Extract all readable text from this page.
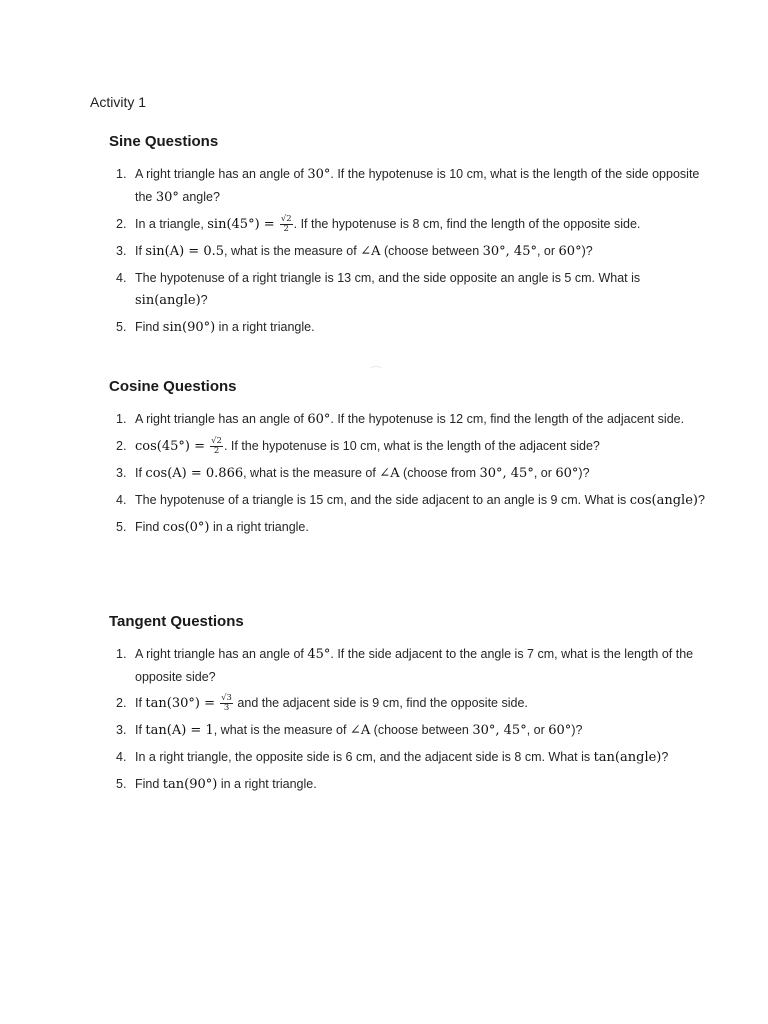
Activity 1
Sine Questions
1. A right triangle has an angle of 30°. If the hypotenuse is 10 cm, what is the length of the side opposite the 30° angle?
2. In a triangle, $\sin(45^\circ) = \frac{√2}{2}$ . If the hypotenuse is 8 cm, find the length of the opposite side.
3. If sin(A) = 0.5, what is the measure of ∠A (choose between 30°, 45°, or 60°)?
4. The hypotenuse of a right triangle is 13 cm, and the side opposite an angle is 5 cm. What is sin(angle)?
5. Find sin(90°) in a right triangle.
Cosine Questions
1. A right triangle has an angle of 60°. If the hypotenuse is 12 cm, find the length of the adjacent side.
2. $\cos(45^\circ) = \frac{√2}{2}$ . If the hypotenuse is 10 cm, what is the length of the adjacent side?
3. If cos(A) = 0.866, what is the measure of ∠A (choose from 30°, 45°, or 60°)?
4. The hypotenuse of a triangle is 15 cm, and the side adjacent to an angle is 9 cm. What is cos(angle)?
5. Find cos(0°) in a right triangle.
Tangent Questions
1. A right triangle has an angle of 45°. If the side adjacent to the angle is 7 cm, what is the length of the opposite side?
2. If $\tan(30^\circ) = \frac{√3}{3}$ and the adjacent side is 9 cm, find the opposite side.
3. If tan(A) = 1, what is the measure of ∠A (choose between 30°, 45°, or 60°)?
4. In a right triangle, the opposite side is 6 cm, and the adjacent side is 8 cm. What is tan(angle)?
5. Find tan(90°) in a right triangle.
